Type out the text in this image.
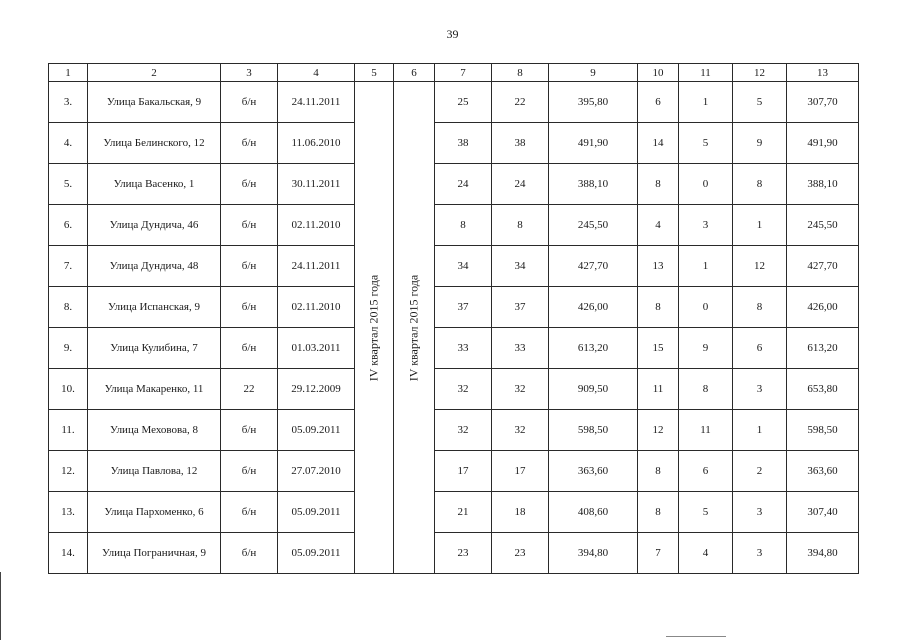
39
1	2	3	4	5	6	7	8	9	10	11	12	13
3.	Улица Бакальская, 9	б/н	24.11.2011	IV квартал 2015 года	IV квартал 2015 года	25	22	395,80	6	1	5	307,70
4.	Улица Белинского, 12	б/н	11.06.2010			38	38	491,90	14	5	9	491,90
5.	Улица Васенко, 1	б/н	30.11.2011			24	24	388,10	8	0	8	388,10
6.	Улица Дундича, 46	б/н	02.11.2010			8	8	245,50	4	3	1	245,50
7.	Улица Дундича, 48	б/н	24.11.2011			34	34	427,70	13	1	12	427,70
8.	Улица Испанская, 9	б/н	02.11.2010			37	37	426,00	8	0	8	426,00
9.	Улица Кулибина, 7	б/н	01.03.2011			33	33	613,20	15	9	6	613,20
10.	Улица Макаренко, 11	22	29.12.2009			32	32	909,50	11	8	3	653,80
11.	Улица Меховова, 8	б/н	05.09.2011			32	32	598,50	12	11	1	598,50
12.	Улица Павлова, 12	б/н	27.07.2010			17	17	363,60	8	6	2	363,60
13.	Улица Пархоменко, 6	б/н	05.09.2011			21	18	408,60	8	5	3	307,40
14.	Улица Пограничная, 9	б/н	05.09.2011			23	23	394,80	7	4	3	394,80
